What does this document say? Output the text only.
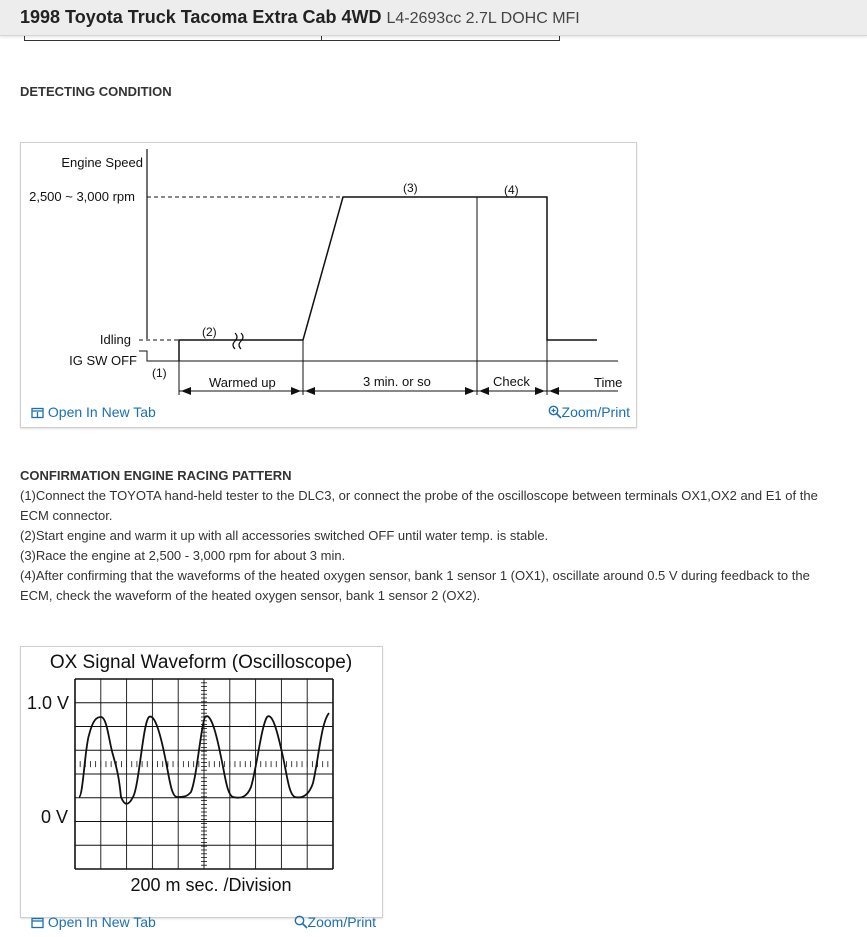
1998 Toyota Truck Tacoma Extra Cab 4WD L4-2693cc 2.7L DOHC MFI
DETECTING CONDITION
Engine Speed
2,500 ~ 3,000 rpm
Idling
IG SW OFF
(1)
(2)
(3)	(4)
Warmed up	3 min. or so	Check	Time
Open In New Tab	Zoom/Print
CONFIRMATION ENGINE RACING PATTERN

(1)Connect the TOYOTA hand-held tester to the DLC3, or connect the probe of the oscilloscope between terminals OX1,OX2 and E1 of the ECM connector.

(2)Start engine and warm it up with all accessories switched OFF until water temp. is stable.

(3)Race the engine at 2,500 - 3,000 rpm for about 3 min.

(4)After confirming that the waveforms of the heated oxygen sensor, bank 1 sensor 1 (OX1), oscillate around 0.5 V during feedback to the ECM, check the waveform of the heated oxygen sensor, bank 1 sensor 2 (OX2).

OX Signal Waveform (Oscilloscope)
1.0 V
0 V
200 m sec. /Division
Open In New Tab	Zoom/Print
